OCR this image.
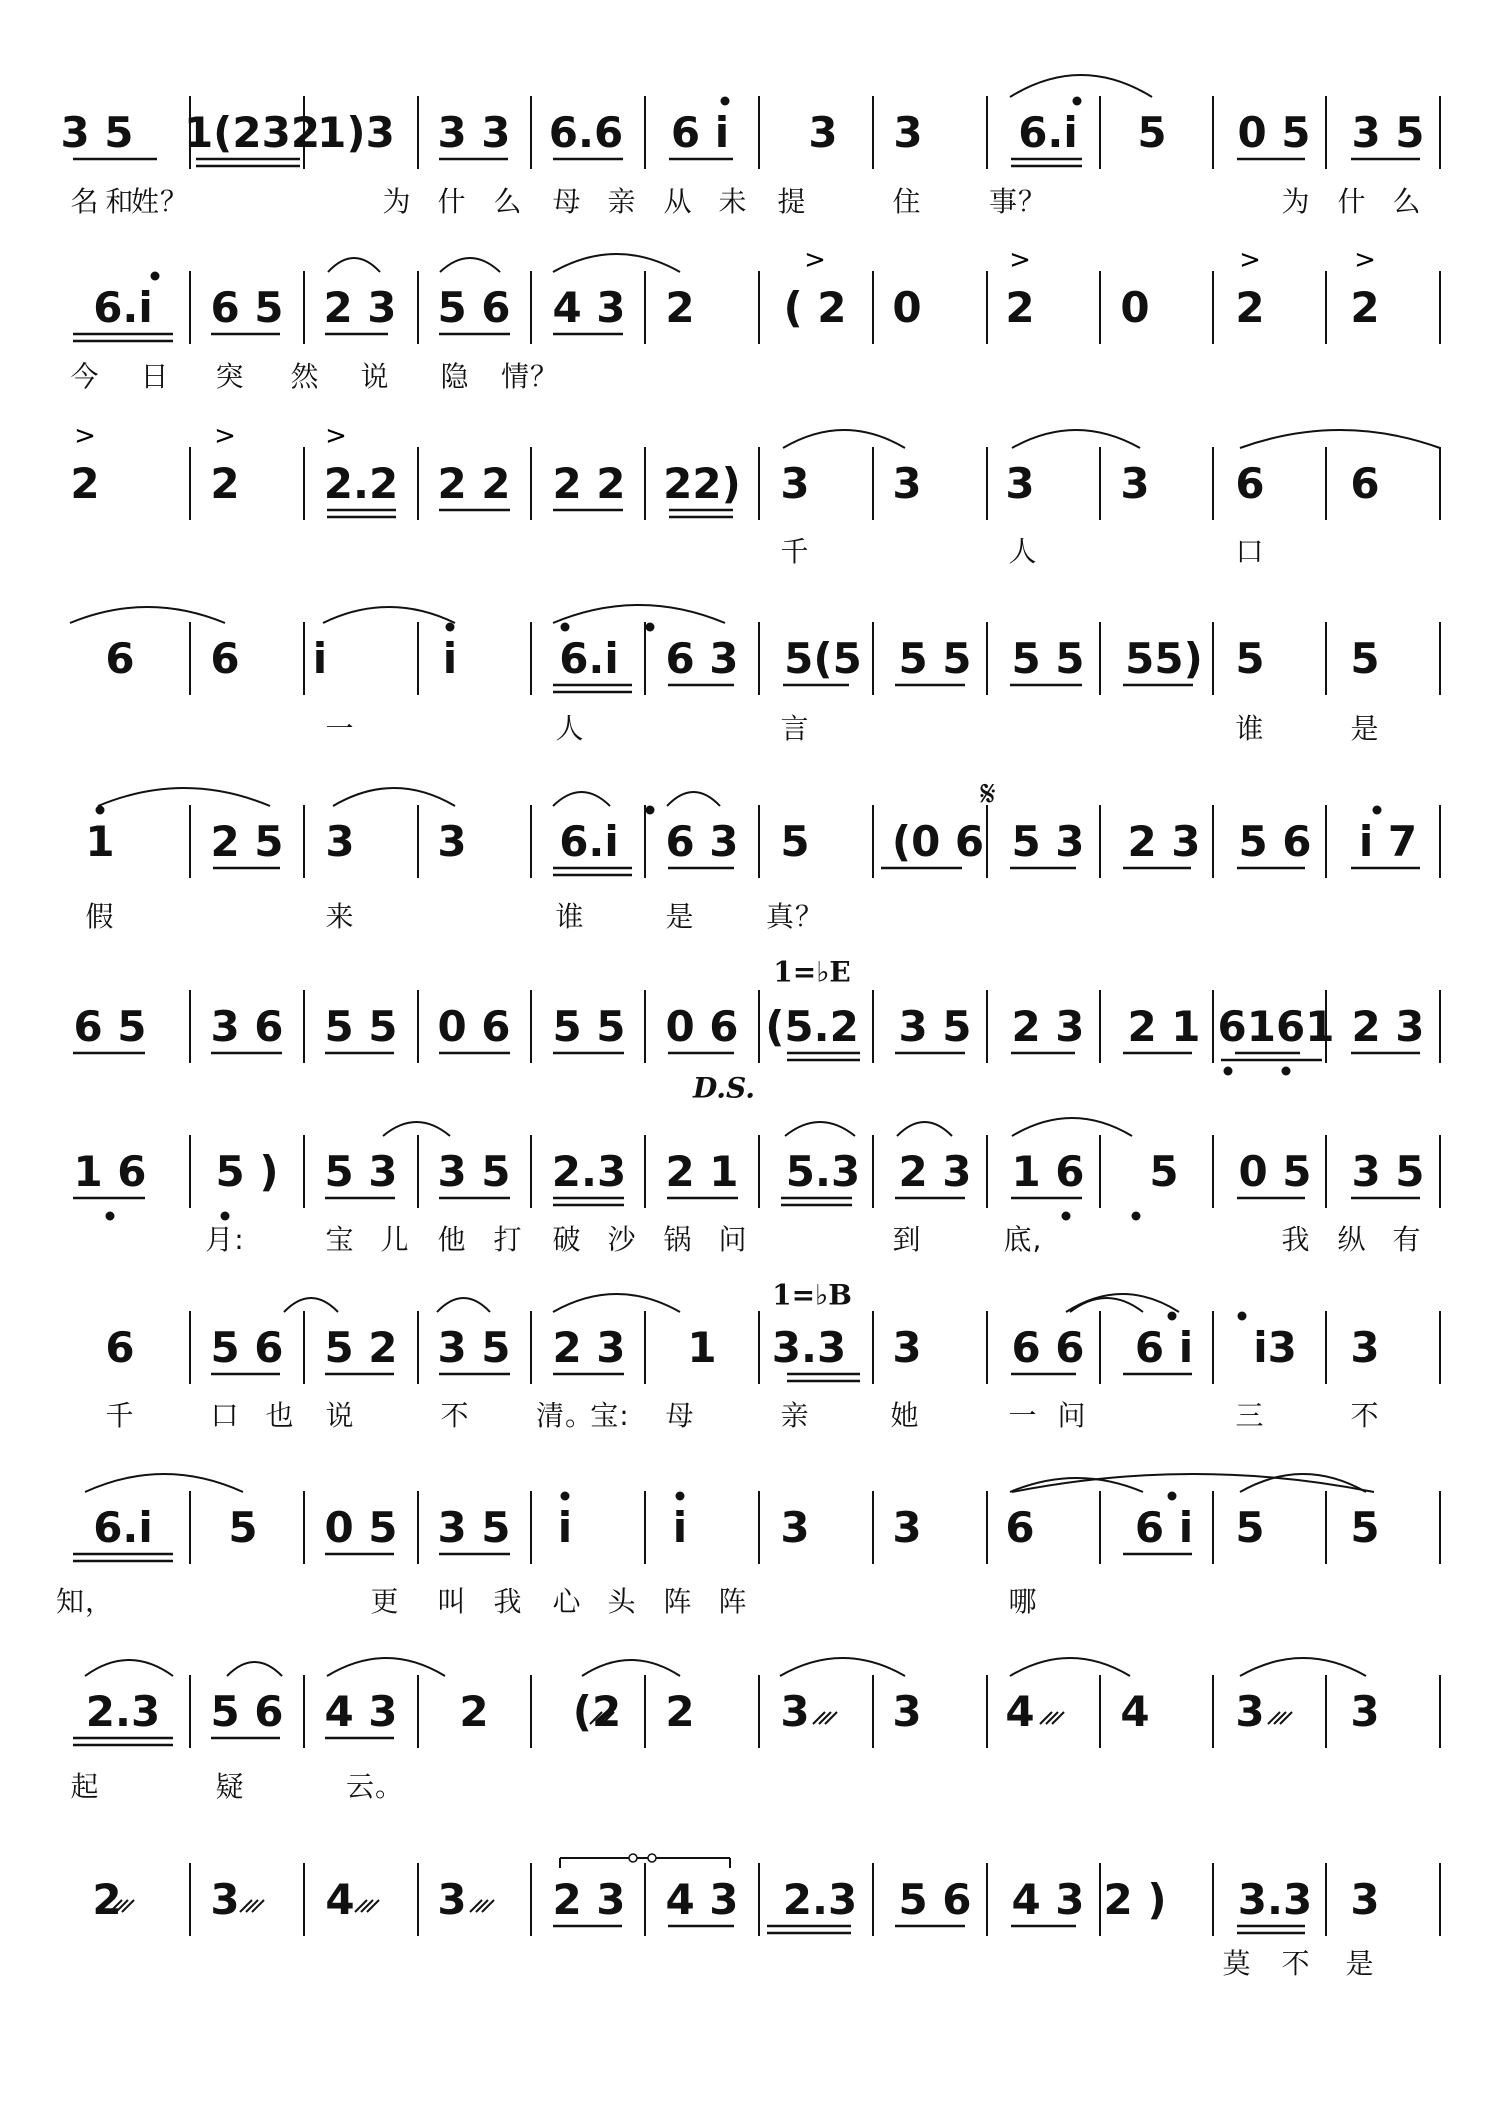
>	>	>	>
>	>	>
3 5 1(232
1)3 3 3 6.6 6 i 3 3 6.i 5 0 5 3 5
名 和
姓？	为 什 么 母 亲 从 未 提	住 事？	为 什 么
6.i 6 5 2 3 5 6 4 3 2 ( 2 0 2 0 2 2
今 日 突 然 说 隐 情？
2	2 2.2 2 2 2 2 22) 3 3 3 3 6 6
千	人	口
6 6 i	i 6.i 6 3 5(5 5 5 5 5 55) 5 5
一	人	言	谁	是
1 2 5 3 3 6.i 6 3 5 (0 6 5 3 2 3 5 6 i 7
假	来	谁	是	真？
𝄋
6 5 3 6 5 5 0 6 5 5 0 6 (5.2 3 5 2 3 2 1 6161 2 3
D.S.
1=♭E
1 6 5 ) 5 3 3 5 2.3 2 1 5.3 2 3 1 6 5 0 5 3 5
月:	宝 儿 他 打 破 沙 锅 问	到	底,	我 纵 有
6 5 6 5 2 3 5 2 3 1 3.3 3 6 6 6 i i3 3
千	口 也 说	不 清。
宝: 母	亲	她	一 问	三	不
1=♭B
6.i 5 0 5 3 5 i i 3 3 6 6 i 5 5
知，	更 叫 我 心 头 阵 阵	哪
2.3 5 6 4 3 2 (2 2 3 3 4 4 3 3
起	疑	云。
2 3 4 3 2 3 4 3 2.3 5 6 4 3 2 ) 3.3 3
莫 不 是
